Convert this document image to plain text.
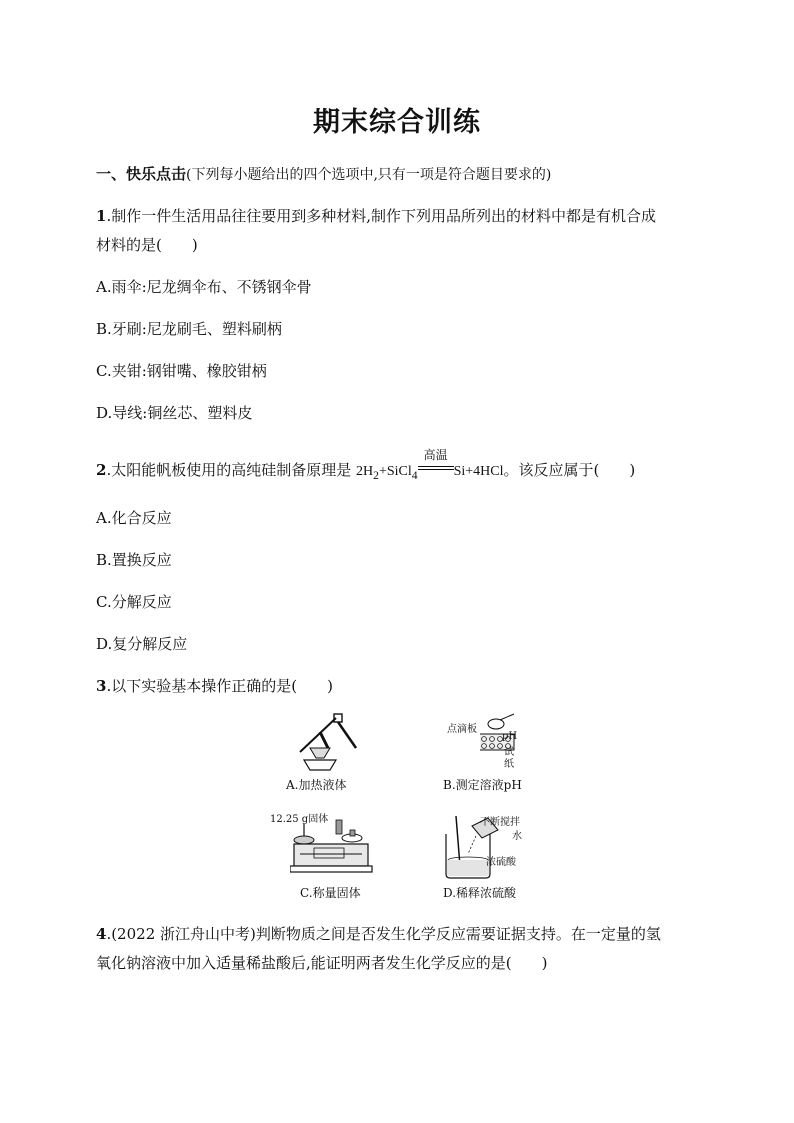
期末综合训练
一、快乐点击(下列每小题给出的四个选项中,只有一项是符合题目要求的)
1.制作一件生活用品往往要用到多种材料,制作下列用品所列出的材料中都是有机合成
材料的是( )
A.雨伞:尼龙绸伞布、不锈钢伞骨
B.牙刷:尼龙刷毛、塑料刷柄
C.夹钳:钢钳嘴、橡胶钳柄
D.导线:铜丝芯、塑料皮
2.太阳能帆板使用的高纯硅制备原理是 $2H_2+SiCl_4$
高温
Si+4HCl。该反应属于( )
A.化合反应
B.置换反应
C.分解反应
D.复分解反应
3.以下实验基本操作正确的是( )
A.加热液体
点滴板
pH
试
纸
B.测定溶液pH
12.25 g固体
C.称量固体
不断搅拌
水
浓硫酸
D.稀释浓硫酸
4.(2022 浙江舟山中考)判断物质之间是否发生化学反应需要证据支持。在一定量的氢
氧化钠溶液中加入适量稀盐酸后,能证明两者发生化学反应的是( )
